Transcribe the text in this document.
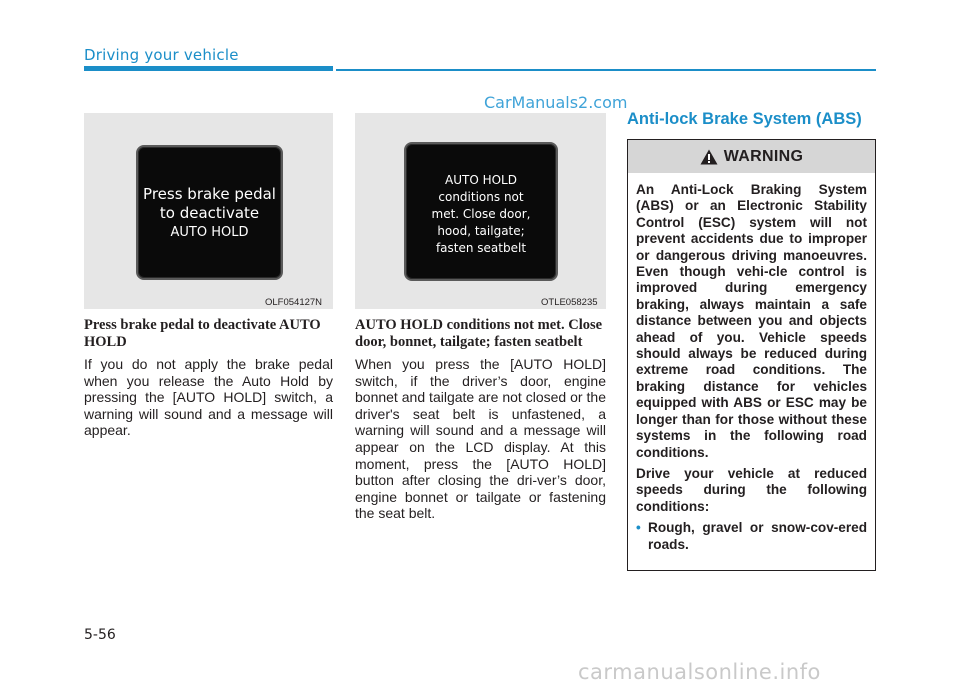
Driving your vehicle
CarManuals2.com
Press brake pedal
to deactivate
AUTO HOLD
OLF054127N
AUTO HOLD
conditions not
met. Close door,
hood, tailgate;
fasten seatbelt
OTLE058235
Press brake pedal to deactivate AUTO HOLD
If you do not apply the brake pedal when you release the Auto Hold by pressing the [AUTO HOLD] switch, a warning will sound and a message will appear.
AUTO HOLD conditions not met. Close door, bonnet, tailgate; fasten seatbelt
When you press the [AUTO HOLD] switch, if the driver’s door, engine bonnet and tailgate are not closed or the driver's seat belt is unfastened, a warning will sound and a message will appear on the LCD display. At this moment, press the [AUTO HOLD] button after closing the dri-ver’s door, engine bonnet or tailgate or fastening the seat belt.
Anti-lock Brake System (ABS)
WARNING

An Anti-Lock Braking System (ABS) or an Electronic Stability Control (ESC) system will not prevent accidents due to improper or dangerous driving manoeuvres. Even though vehi-cle control is improved during emergency braking, always maintain a safe distance between you and objects ahead of you. Vehicle speeds should always be reduced during extreme road conditions. The braking distance for vehicles equipped with ABS or ESC may be longer than for those without these systems in the following road conditions.

Drive your vehicle at reduced speeds during the following conditions:

• Rough, gravel or snow-cov-ered roads.
5-56
carmanualsonline.info
